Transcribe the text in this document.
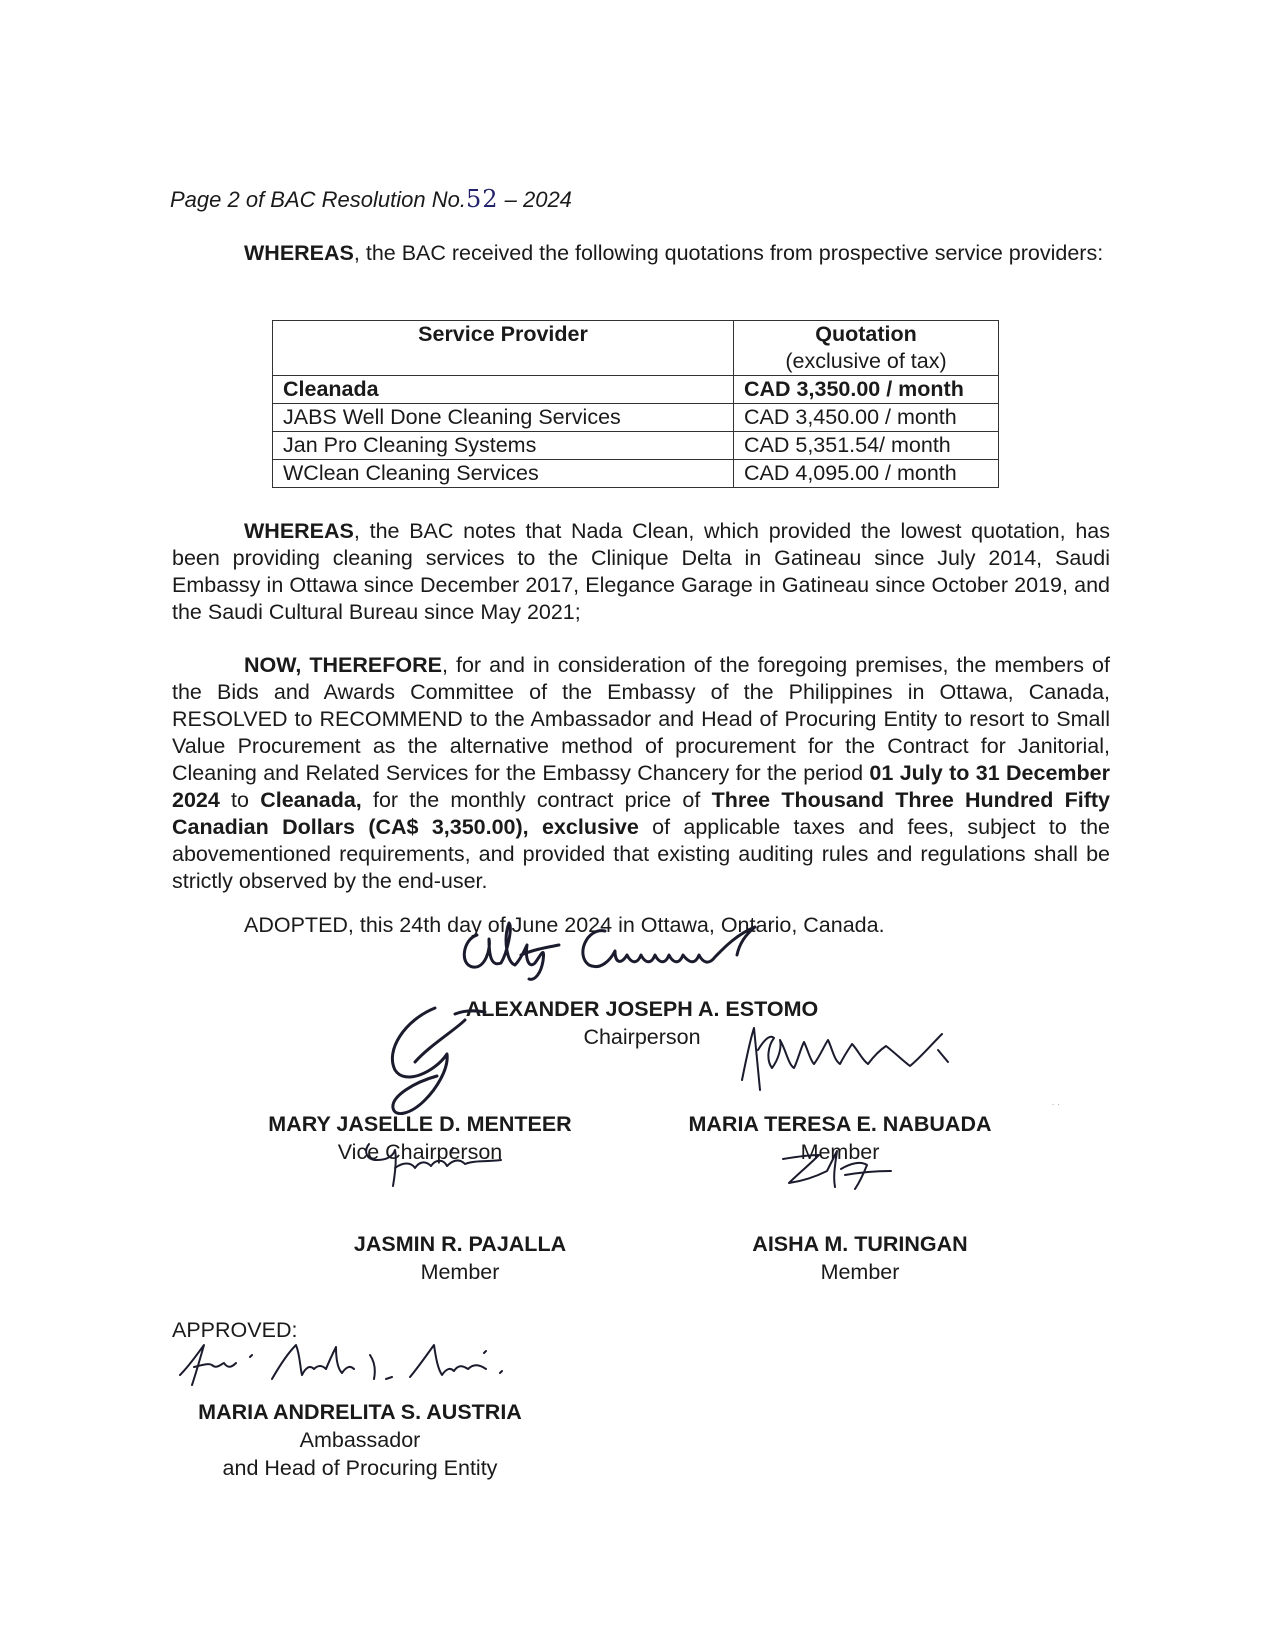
Page 2 of BAC Resolution No.52 – 2024

WHEREAS, the BAC received the following quotations from prospective service providers:

Service Provider	Quotation
(exclusive of tax)

Cleanada	CAD 3,350.00 / month
JABS Well Done Cleaning Services	CAD 3,450.00 / month
Jan Pro Cleaning Systems	CAD 5,351.54/ month
WClean Cleaning Services	CAD 4,095.00 / month

WHEREAS, the BAC notes that Nada Clean, which provided the lowest quotation, has been providing cleaning services to the Clinique Delta in Gatineau since July 2014, Saudi Embassy in Ottawa since December 2017, Elegance Garage in Gatineau since October 2019, and the Saudi Cultural Bureau since May 2021;

NOW, THEREFORE, for and in consideration of the foregoing premises, the members of the Bids and Awards Committee of the Embassy of the Philippines in Ottawa, Canada, RESOLVED to RECOMMEND to the Ambassador and Head of Procuring Entity to resort to Small Value Procurement as the alternative method of procurement for the Contract for Janitorial, Cleaning and Related Services for the Embassy Chancery for the period 01 July to 31 December 2024 to Cleanada, for the monthly contract price of Three Thousand Three Hundred Fifty Canadian Dollars (CA$ 3,350.00), exclusive of applicable taxes and fees, subject to the abovementioned requirements, and provided that existing auditing rules and regulations shall be strictly observed by the end-user.

ADOPTED, this 24th day of June 2024 in Ottawa, Ontario, Canada.

ALEXANDER JOSEPH A. ESTOMO
Chairperson
MARY JASELLE D. MENTEER
Vice Chairperson
MARIA TERESA E. NABUADA
Member
. .
JASMIN R. PAJALLA
Member
AISHA M. TURINGAN
Member
APPROVED:
MARIA ANDRELITA S. AUSTRIA
Ambassador
and Head of Procuring Entity
